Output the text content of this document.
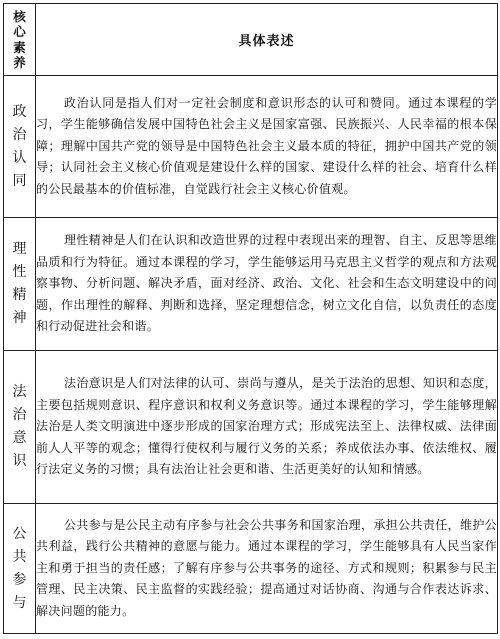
核
心
素
养	具体表述

政
治
认
同	政治认同是指人们对一定社会制度和意识形态的认可和赞同。通过本课程的学习，学生能够确信发展中国特色社会主义是国家富强、民族振兴、人民幸福的根本保障；理解中国共产党的领导是中国特色社会主义最本质的特征，拥护中国共产党的领导；认同社会主义核心价值观是建设什么样的国家、建设什么样的社会、培育什么样的公民最基本的价值标准，自觉践行社会主义核心价值观。

理
性
精
神	理性精神是人们在认识和改造世界的过程中表现出来的理智、自主、反思等思维品质和行为特征。通过本课程的学习，学生能够运用马克思主义哲学的观点和方法观察事物、分析问题、解决矛盾，面对经济、政治、文化、社会和生态文明建设中的问题，作出理性的解释、判断和选择，坚定理想信念，树立文化自信，以负责任的态度和行动促进社会和谐。

法
治
意
识	法治意识是人们对法律的认可、崇尚与遵从，是关于法治的思想、知识和态度，主要包括规则意识、程序意识和权利义务意识等。通过本课程的学习，学生能够理解法治是人类文明演进中逐步形成的国家治理方式；形成宪法至上、法律权威、法律面前人人平等的观念；懂得行使权利与履行义务的关系；养成依法办事、依法维权、履行法定义务的习惯；具有法治让社会更和谐、生活更美好的认知和情感。

公
共
参
与	公共参与是公民主动有序参与社会公共事务和国家治理，承担公共责任，维护公共利益，践行公共精神的意愿与能力。通过本课程的学习，学生能够具有人民当家作主和勇于担当的责任感；了解有序参与公共事务的途径、方式和规则；积累参与民主管理、民主决策、民主监督的实践经验；提高通过对话协商、沟通与合作表达诉求、解决问题的能力。
